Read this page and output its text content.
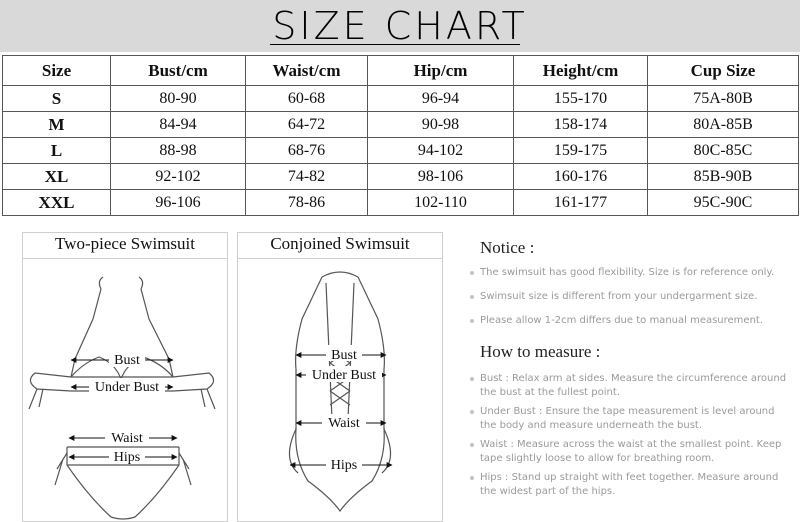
SIZE CHART
Size	Bust/cm	Waist/cm	Hip/cm	Height/cm	Cup Size
S	80-90	60-68	96-94	155-170	75A-80B
M	84-94	64-72	90-98	158-174	80A-85B
L	88-98	68-76	94-102	159-175	80C-85C
XL	92-102	74-82	98-106	160-176	85B-90B
XXL	96-106	78-86	102-110	161-177	95C-90C
Two-piece Swimsuit
Bust
Under Bust
Waist
Hips
Conjoined Swimsuit
Bust
Under Bust
Waist
Hips
Notice :
The swimsuit has good flexibility. Size is for reference only.
Swimsuit size is different from your undergarment size.
Please allow 1-2cm differs due to manual measurement.
How to measure :
Bust : Relax arm at sides. Measure the circumference around the bust at the fullest point.
Under Bust : Ensure the tape measurement is level around the body and measure underneath the bust.
Waist : Measure across the waist at the smallest point. Keep tape slightly loose to allow for breathing room.
Hips : Stand up straight with feet together. Measure around the widest part of the hips.
